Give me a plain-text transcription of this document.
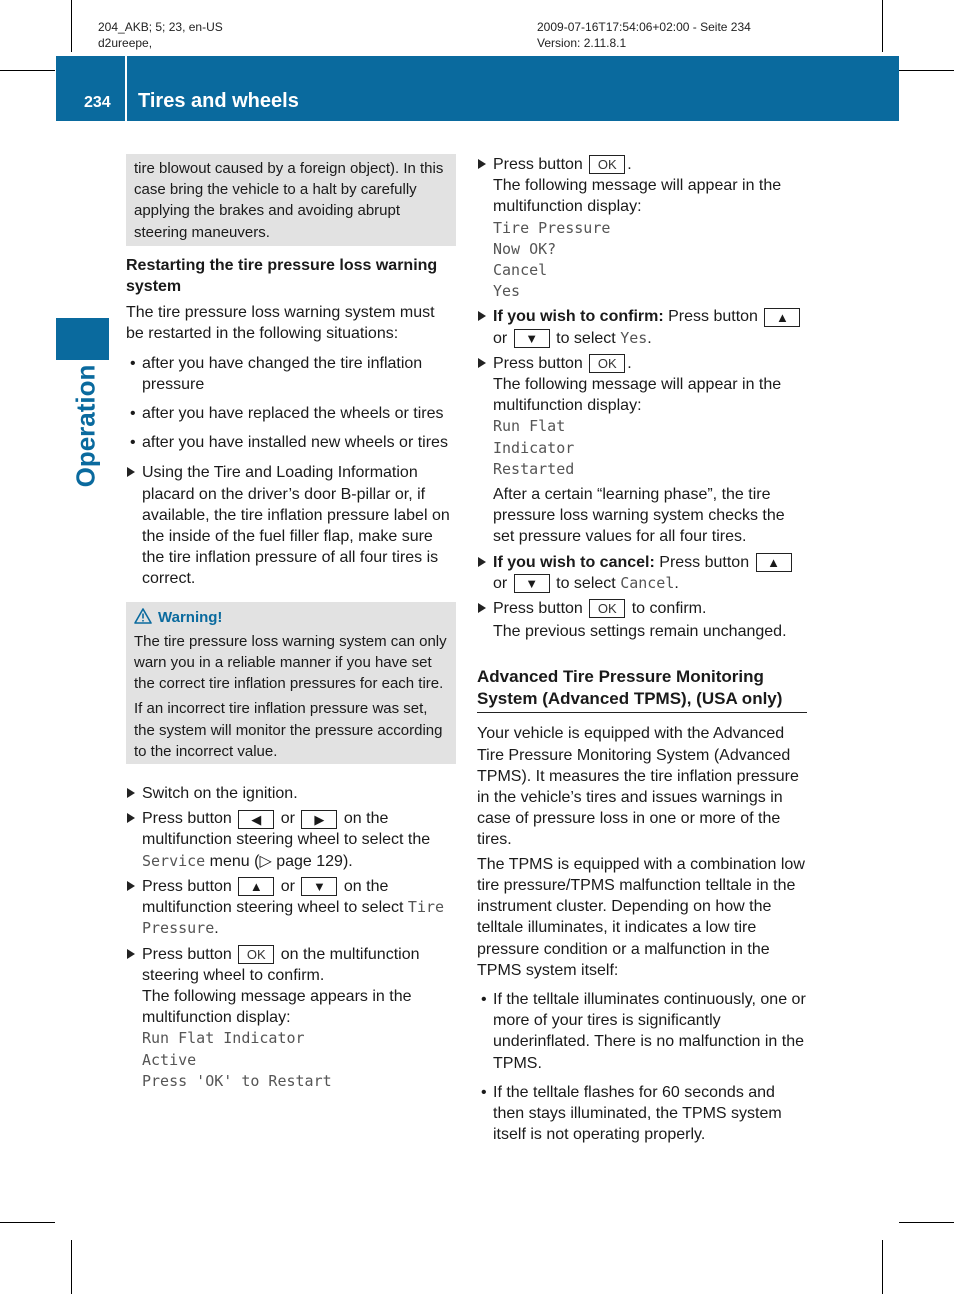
204_AKB; 5; 23, en-US
d2ureepe,
2009-07-16T17:54:06+02:00 - Seite 234
Version: 2.11.8.1
234 Tires and wheels
Operation

tire blowout caused by a foreign object). In this case bring the vehicle to a halt by carefully applying the brakes and avoiding abrupt steering maneuvers.

Restarting the tire pressure loss warning system

The tire pressure loss warning system must be restarted in the following situations:

• after you have changed the tire inflation pressure
• after you have replaced the wheels or tires
• after you have installed new wheels or tires
Using the Tire and Loading Information placard on the driver’s door B-pillar or, if available, the tire inflation pressure label on the inside of the fuel filler flap, make sure the tire inflation pressure of all four tires is correct.
Warning!

The tire pressure loss warning system can only warn you in a reliable manner if you have set the correct tire inflation pressures for each tire.

If an incorrect tire inflation pressure was set, the system will monitor the pressure according to the incorrect value.

Switch on the ignition.
Press button ◀ or ▶ on the multifunction steering wheel to select the Service menu (▷ page 129).
Press button ▲ or ▼ on the multifunction steering wheel to select Tire Pressure.
Press button OK on the multifunction steering wheel to confirm.

The following message appears in the multifunction display:

Run Flat Indicator
Active
Press 'OK' to Restart
Press button OK .

The following message will appear in the multifunction display:

Tire Pressure
Now OK?
Cancel
Yes
If you wish to confirm: Press button ▲ or ▼ to select Yes.
Press button OK .

The following message will appear in the multifunction display:

Run Flat
Indicator
Restarted

After a certain “learning phase”, the tire pressure loss warning system checks the set pressure values for all four tires.

If you wish to cancel: Press button ▲ or ▼ to select Cancel.
Press button OK to confirm.

The previous settings remain unchanged.

Advanced Tire Pressure Monitoring System (Advanced TPMS), (USA only)

Your vehicle is equipped with the Advanced Tire Pressure Monitoring System (Advanced TPMS). It measures the tire inflation pressure in the vehicle’s tires and issues warnings in case of pressure loss in one or more of the tires.

The TPMS is equipped with a combination low tire pressure/TPMS malfunction telltale in the instrument cluster. Depending on how the telltale illuminates, it indicates a low tire pressure condition or a malfunction in the TPMS system itself:

• If the telltale illuminates continuously, one or more of your tires is significantly underinflated. There is no malfunction in the TPMS.
• If the telltale flashes for 60 seconds and then stays illuminated, the TPMS system itself is not operating properly.
